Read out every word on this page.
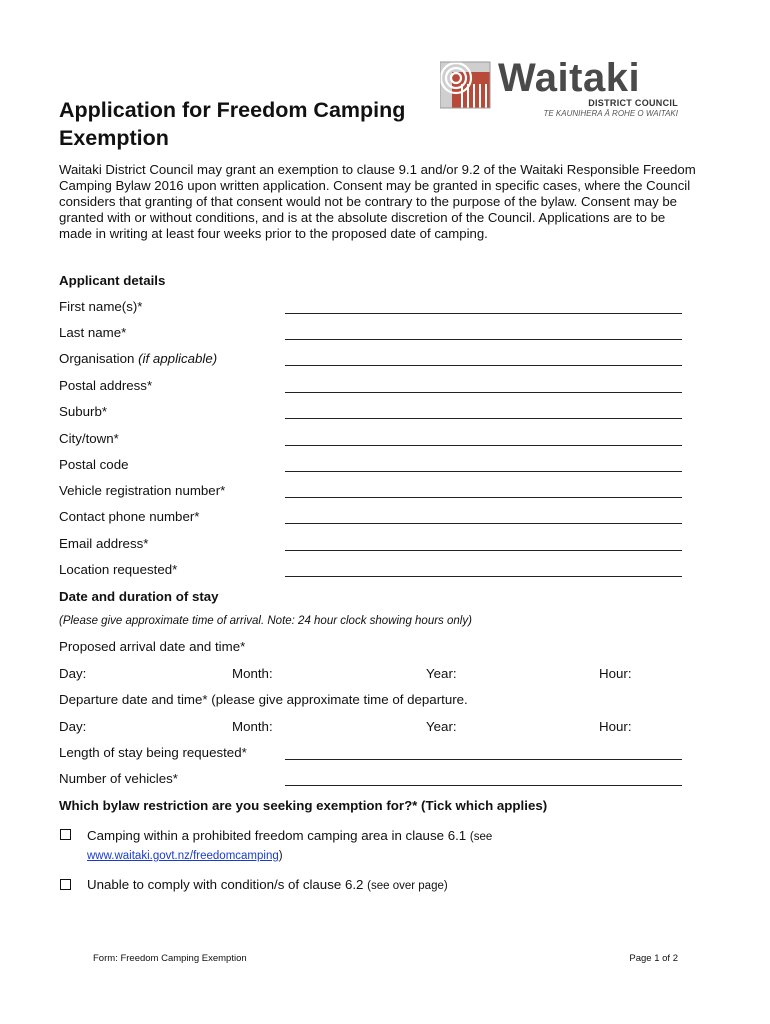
Application for Freedom Camping Exemption
Waitaki
DISTRICT COUNCIL
TE KAUNIHERA Ā ROHE O WAITAKI
Waitaki District Council may grant an exemption to clause 9.1 and/or 9.2 of the Waitaki Responsible Freedom Camping Bylaw 2016 upon written application. Consent may be granted in specific cases, where the Council considers that granting of that consent would not be contrary to the purpose of the bylaw. Consent may be granted with or without conditions, and is at the absolute discretion of the Council. Applications are to be made in writing at least four weeks prior to the proposed date of camping.
Applicant details
First name(s)*
Last name*
Organisation (if applicable)
Postal address*
Suburb*
City/town*
Postal code
Vehicle registration number*
Contact phone number*
Email address*
Location requested*
Date and duration of stay
(Please give approximate time of arrival. Note: 24 hour clock showing hours only)
Proposed arrival date and time*
Day:	Month:	Year:	Hour:
Departure date and time* (please give approximate time of departure.
Day:	Month:	Year:	Hour:
Length of stay being requested*
Number of vehicles*
Which bylaw restriction are you seeking exemption for?* (Tick which applies)
Camping within a prohibited freedom camping area in clause 6.1 (see
www.waitaki.govt.nz/freedomcamping)
Unable to comply with condition/s of clause 6.2 (see over page)
Form: Freedom Camping Exemption	Page 1 of 2
